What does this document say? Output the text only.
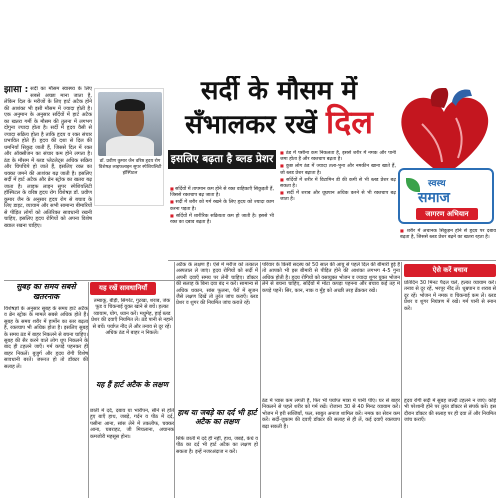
झाँसी : सर्दी का मौसम स्वास्थ्य के लिए सबसे अच्छा माना जाता है, लेकिन दिल के मरीजों के लिए हार्ट अटैक होने की आशंका भी इसी मौसम में ज्यादा होती है। एक अनुमान के अनुसार सर्दियों में हार्ट अटैक का खतरा गर्मी के मौसम की तुलना में लगभग दोगुना ज्यादा होता है। सर्दी में हृदय वैसी से ज्यादा सक्रिय होता है ताकि हृदय व रक्त संचार प्रभावित होते हैं। हृदय की दशा से दिल की धमनियाँ सिकुड़ जाती हैं, जिससे दिल में रक्त और ऑक्सीजन का संचार कम होने लगता है। ठंड के मौसम में ब्लड प्लेटलेट्स अधिक सक्रिय और चिपचिपे हो जाते हैं, इसलिए रक्त का थक्का जमने की आशंका बढ़ जाती है। इसलिए सर्दी में हार्ट अटैक और ब्रेन स्ट्रोक का खतरा बढ़ जाता है। लाइफ लाइन सुपर स्पेशियलिटी हॉस्पिटल के वरिष्ठ हृदय रोग विशेषज्ञ डॉ. प्रवीण कुमार जैन के अनुसार हृदय रोग से बचाव के लिए डाइट, व्यायाम और सभी सामान्य बीमारियों से पीड़ित लोगों को अतिरिक्त सावधानी रखनी चाहिए, इसलिए हृदय रोगियों को अपना विशेष ख्याल रखना चाहिए।
डॉ. प्रवीण कुमार जैन वरिष्ठ हृदय रोग विशेषज्ञ लाइफलाइन सुपर स्पेशियलिटी हॉस्पिटल
सर्दी के मौसम में
सँभालकर रखें दिल
स्वस्थ
समाज
जागरण अभियान
इसलिए बढ़ता है ब्लड प्रेशर
■ सर्दियों में तापमान कम होने से रक्त वाहिकाएँ सिकुड़ती हैं, जिससे रक्तचाप बढ़ जाता है।
■ सर्दी में शरीर को गर्म रखने के लिए हृदय को ज्यादा काम करना पड़ता है।
■ सर्दियों में शारीरिक सक्रियता कम हो जाती है। इससे भी रक्त का दबाव बढ़ता है।
■ ठंड में पसीना कम निकलता है, इससे शरीर में नमक और पानी जमा होता है और रक्तचाप बढ़ता है।
■ कुछ लोग ठंड में ज्यादा तला-भुना और नमकीन खाना खाते हैं, जो ब्लड प्रेशर बढ़ाता है।
■ सर्दियों में शरीर में विटामिन डी की कमी से भी ब्लड प्रेशर बढ़ सकता है।
■ सर्दी में शराब और धूम्रपान अधिक करने से भी रक्तचाप बढ़ जाता है।
■ शरीर में अचानक सिकुड़न होने से हृदय पर दबाव बढ़ता है, जिससे ब्लड प्रेशर बढ़ने का खतरा रहता है।
सुबह का समय सबसे खतरनाक
विशेषज्ञों के अनुसार सुबह के समय हार्ट अटैक व ब्रेन स्ट्रोक के मामले सबसे अधिक होते हैं। सुबह के समय शरीर में हार्मोन का स्तर बढ़ता है, रक्तचाप भी अधिक होता है। इसलिए सुबह के समय ठंड में बाहर निकलने से बचना चाहिए। सुबह की सैर करने वाले लोग धूप निकलने के बाद ही टहलने जाएँ। गर्म कपड़े पहनकर ही बाहर निकलें। बुजुर्ग और हृदय रोगी विशेष सावधानी बरतें। जरूरत हो तो डॉक्टर की सलाह लें।
यह रखें सावधानियाँ
तम्बाकू, बीड़ी, सिगरेट, गुटखा, शराब, जंक फूड व चिकनाई युक्त खाने से बचें। हल्का व्यायाम, योग, ध्यान करें। मधुमेह, हाई ब्लड प्रेशर की दवाएँ नियमित लें। ठंडे पानी से नहाने से बचें। पर्याप्त नींद लें और तनाव से दूर रहें। अधिक ठंड में बाहर न निकलें।
यह हैं हार्ट अटैक के लक्षण
छाती में दर्द, दबाव या भारीपन, सीने से होते हुए बाएँ हाथ, जबड़े, गर्दन व पीठ में दर्द, पसीना आना, सांस लेने में तकलीफ, चक्कर आना, घबराहट, जी मिचलाना, अचानक कमजोरी महसूस होना।
अटैक के लक्षण हैं। ऐसे में मरीज को तत्काल अस्पताल ले जाएं। हृदय रोगियों को सर्दी में अपनी दवाएँ समय पर लेनी चाहिए। डॉक्टर की सलाह के बिना दवा बंद न करें। सामान्य से अधिक थकान, सांस फूलना, पैरों में सूजन जैसे लक्षण दिखें तो तुरंत जांच कराएँ। ब्लड प्रेशर व शुगर की नियमित जांच कराते रहें।
हाथ या जबड़े का दर्द भी हार्ट अटैक का लक्षण
सिर्फ छाती में दर्द ही नहीं, हाथ, जबड़े, कंधे व पीठ का दर्द भी हार्ट अटैक का लक्षण हो सकता है। इन्हें नजरअंदाज न करें।
परिवार के किसी सदस्य को 50 साल की आयु से पहले दिल की बीमारी हुई है तो आपको भी इस बीमारी से पीड़ित होने की आशंका लगभग 4-5 गुना अधिक होती है। हृदय रोगियों को वसायुक्त भोजन व ज्यादा शुगर युक्त भोजन लेने से बचना चाहिए, सर्दियों में मोटा कपड़ा पहनना और बचाव कई तह में कपड़े पहनें। सिर, कान, नाक व मुँह को अच्छी तरह ढँककर रखें।
ठंड में प्यास कम लगती है, फिर भी पर्याप्त मात्रा में पानी पीएं। घर से बाहर निकलने से पहले शरीर को गर्म रखें। रोजाना 30 से 40 मिनट व्यायाम करें। भोजन में हरी सब्जियाँ, फल, साबुत अनाज शामिल करें। नमक का सेवन कम करें। सर्दी-जुकाम की दवाएँ डॉक्टर की सलाह से ही लें, कई दवाएँ रक्तचाप बढ़ा सकती हैं।
ऐसे करें बचाव
प्रतिदिन 30 मिनट पैदल चलें, हल्का व्यायाम करें। तनाव से दूर रहें, भरपूर नींद लें। धूम्रपान व शराब से दूर रहें। भोजन में नमक व चिकनाई कम लें। ब्लड प्रेशर व शुगर नियंत्रण में रखें। गर्म पानी से स्नान करें।
हृदय रोगी सर्दी में सुबह जल्दी टहलने न जाएं। कोई भी परेशानी होने पर तुरंत डॉक्टर से संपर्क करें। इस दौरान डॉक्टर की सलाह पर ही दवा लें और नियमित जांच कराएँ।
